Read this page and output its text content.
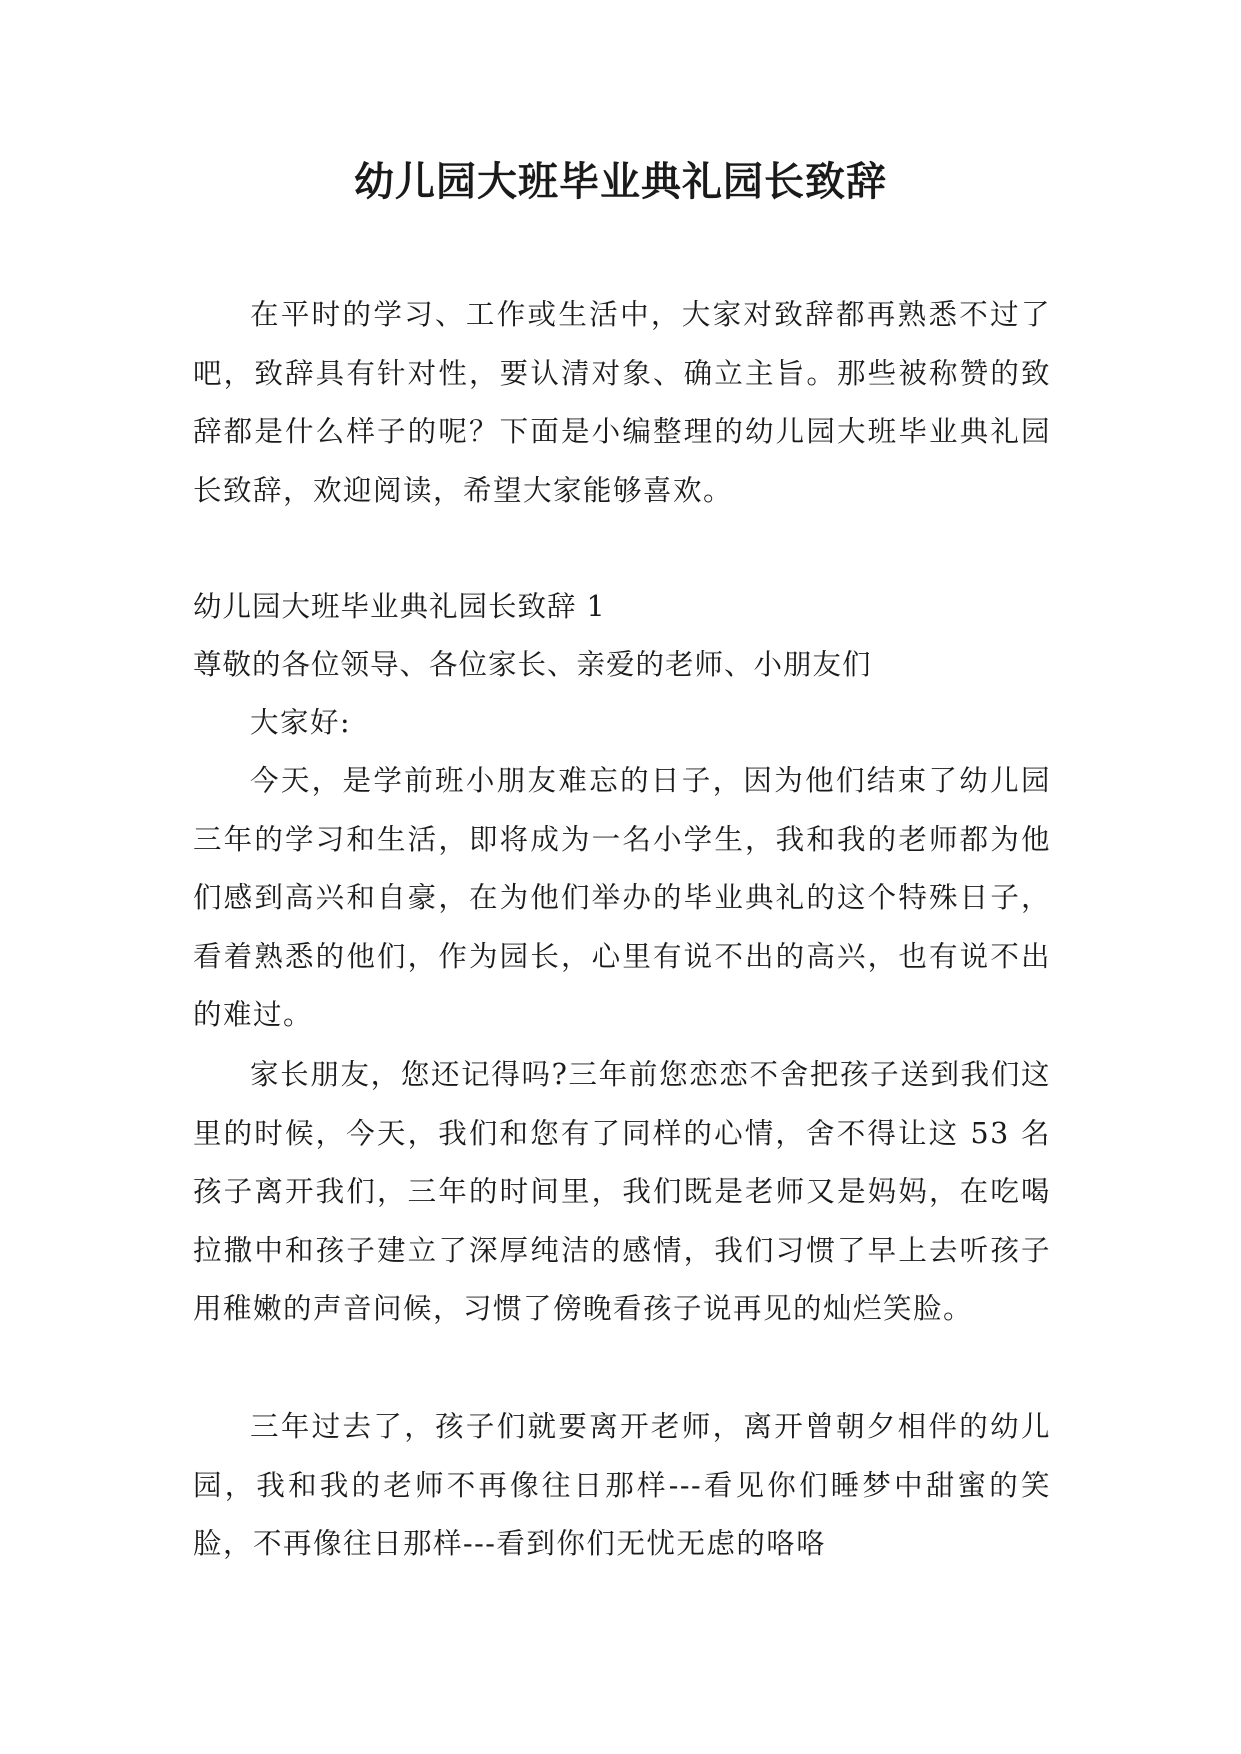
幼儿园大班毕业典礼园长致辞

在平时的学习、工作或生活中，大家对致辞都再熟悉不过了吧，致辞具有针对性，要认清对象、确立主旨。那些被称赞的致辞都是什么样子的呢？下面是小编整理的幼儿园大班毕业典礼园长致辞，欢迎阅读，希望大家能够喜欢。

幼儿园大班毕业典礼园长致辞 1

尊敬的各位领导、各位家长、亲爱的老师、小朋友们

大家好:

今天，是学前班小朋友难忘的日子，因为他们结束了幼儿园三年的学习和生活，即将成为一名小学生，我和我的老师都为他们感到高兴和自豪，在为他们举办的毕业典礼的这个特殊日子，看着熟悉的他们，作为园长，心里有说不出的高兴，也有说不出的难过。

家长朋友，您还记得吗?三年前您恋恋不舍把孩子送到我们这里的时候，今天，我们和您有了同样的心情，舍不得让这 53 名孩子离开我们，三年的时间里，我们既是老师又是妈妈，在吃喝拉撒中和孩子建立了深厚纯洁的感情，我们习惯了早上去听孩子用稚嫩的声音问候，习惯了傍晚看孩子说再见的灿烂笑脸。

三年过去了，孩子们就要离开老师，离开曾朝夕相伴的幼儿园，我和我的老师不再像往日那样---看见你们睡梦中甜蜜的笑脸，不再像往日那样---看到你们无忧无虑的咯咯
